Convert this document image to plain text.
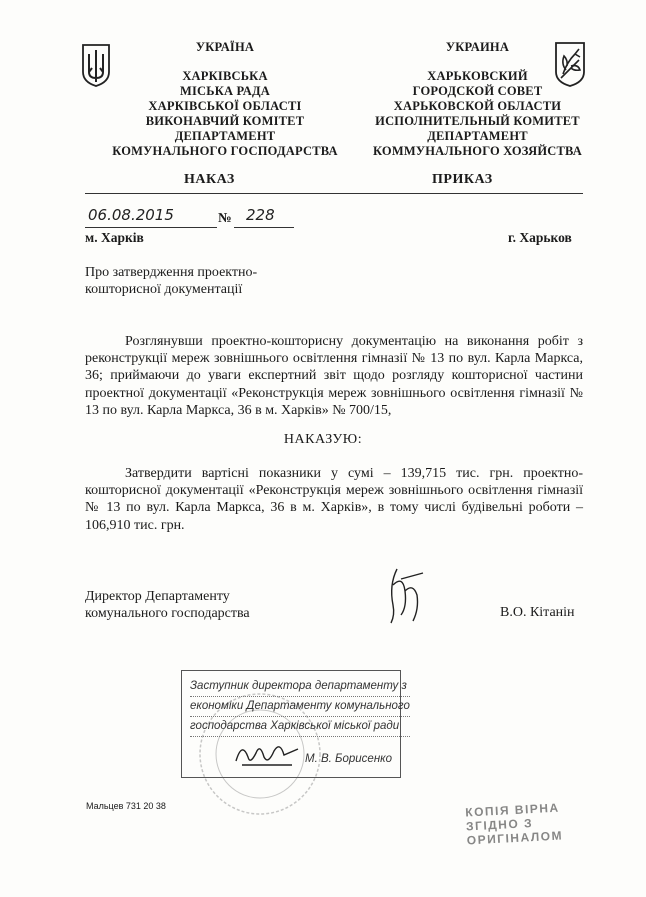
УКРАЇНА
ХАРКІВСЬКА
МІСЬКА РАДА
ХАРКІВСЬКОЇ ОБЛАСТІ
ВИКОНАВЧИЙ КОМІТЕТ
ДЕПАРТАМЕНТ
КОМУНАЛЬНОГО ГОСПОДАРСТВА
УКРАИНА
ХАРЬКОВСКИЙ
ГОРОДСКОЙ СОВЕТ
ХАРЬКОВСКОЙ ОБЛАСТИ
ИСПОЛНИТЕЛЬНЫЙ КОМИТЕТ
ДЕПАРТАМЕНТ
КОММУНАЛЬНОГО ХОЗЯЙСТВА
НАКАЗ	ПРИКАЗ
06.08.2015	№ 228
м. Харків	г. Харьков
Про затвердження проектно-кошторисної документації
Розглянувши проектно-кошторисну документацію на виконання робіт з реконструкції мереж зовнішнього освітлення гімназії № 13 по вул. Карла Маркса, 36; приймаючи до уваги експертний звіт щодо розгляду кошторисної частини проектної документації «Реконструкція мереж зовнішнього освітлення гімназії № 13 по вул. Карла Маркса, 36 в м. Харків» № 700/15,
НАКАЗУЮ:
Затвердити вартісні показники у сумі – 139,715 тис. грн. проектно-кошторисної документації «Реконструкція мереж зовнішнього освітлення гімназії № 13 по вул. Карла Маркса, 36 в м. Харків», в тому числі будівельні роботи – 106,910 тис. грн.
Директор Департаменту
комунального господарства	В.О. Кітанін
Заступник директора департаменту з
економіки Департаменту комунального
господарства Харківської міської ради
М. В. Борисенко
Мальцев 731 20 38	КОПІЯ ВІРНА
ЗГІДНО З
ОРИГІНАЛОМ
